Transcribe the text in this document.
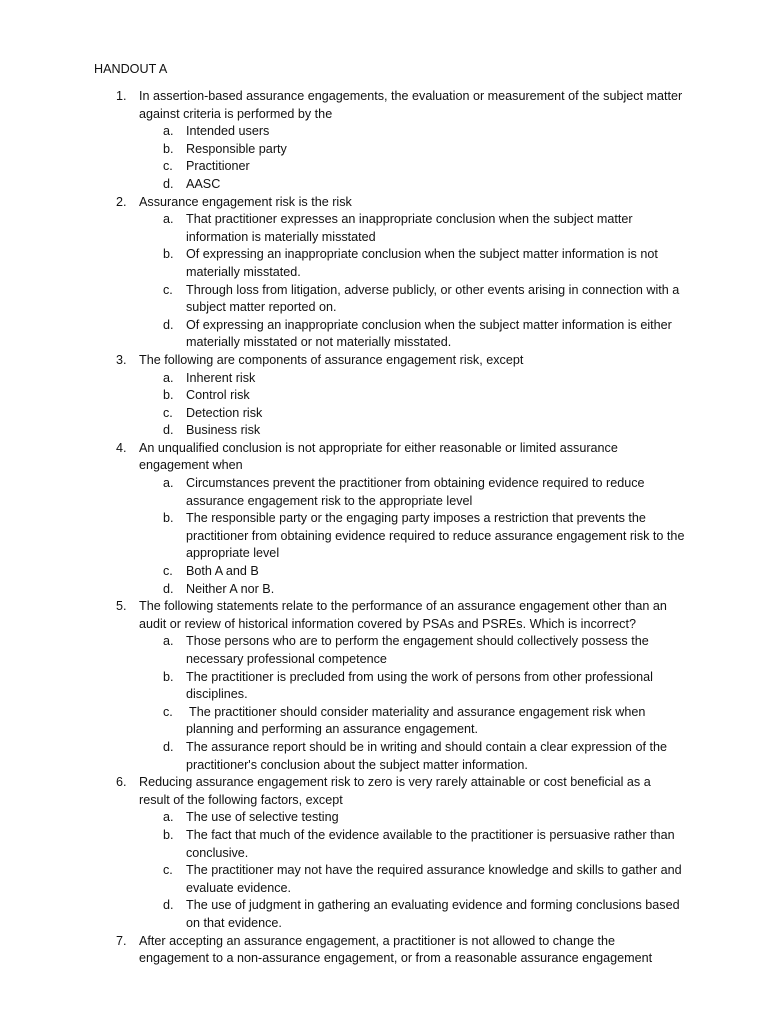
HANDOUT A
1. In assertion-based assurance engagements, the evaluation or measurement of the subject matter against criteria is performed by the
a. Intended users
b. Responsible party
c. Practitioner
d. AASC
2. Assurance engagement risk is the risk
a. That practitioner expresses an inappropriate conclusion when the subject matter information is materially misstated
b. Of expressing an inappropriate conclusion when the subject matter information is not materially misstated.
c. Through loss from litigation, adverse publicly, or other events arising in connection with a subject matter reported on.
d. Of expressing an inappropriate conclusion when the subject matter information is either materially misstated or not materially misstated.
3. The following are components of assurance engagement risk, except
a. Inherent risk
b. Control risk
c. Detection risk
d. Business risk
4. An unqualified conclusion is not appropriate for either reasonable or limited assurance engagement when
a. Circumstances prevent the practitioner from obtaining evidence required to reduce assurance engagement risk to the appropriate level
b. The responsible party or the engaging party imposes a restriction that prevents the practitioner from obtaining evidence required to reduce assurance engagement risk to the appropriate level
c. Both A and B
d. Neither A nor B.
5. The following statements relate to the performance of an assurance engagement other than an audit or review of historical information covered by PSAs and PSREs. Which is incorrect?
a. Those persons who are to perform the engagement should collectively possess the necessary professional competence
b. The practitioner is precluded from using the work of persons from other professional disciplines.
c. The practitioner should consider materiality and assurance engagement risk when planning and performing an assurance engagement.
d. The assurance report should be in writing and should contain a clear expression of the practitioner's conclusion about the subject matter information.
6. Reducing assurance engagement risk to zero is very rarely attainable or cost beneficial as a result of the following factors, except
a. The use of selective testing
b. The fact that much of the evidence available to the practitioner is persuasive rather than conclusive.
c. The practitioner may not have the required assurance knowledge and skills to gather and evaluate evidence.
d. The use of judgment in gathering an evaluating evidence and forming conclusions based on that evidence.
7. After accepting an assurance engagement, a practitioner is not allowed to change the engagement to a non-assurance engagement, or from a reasonable assurance engagement
